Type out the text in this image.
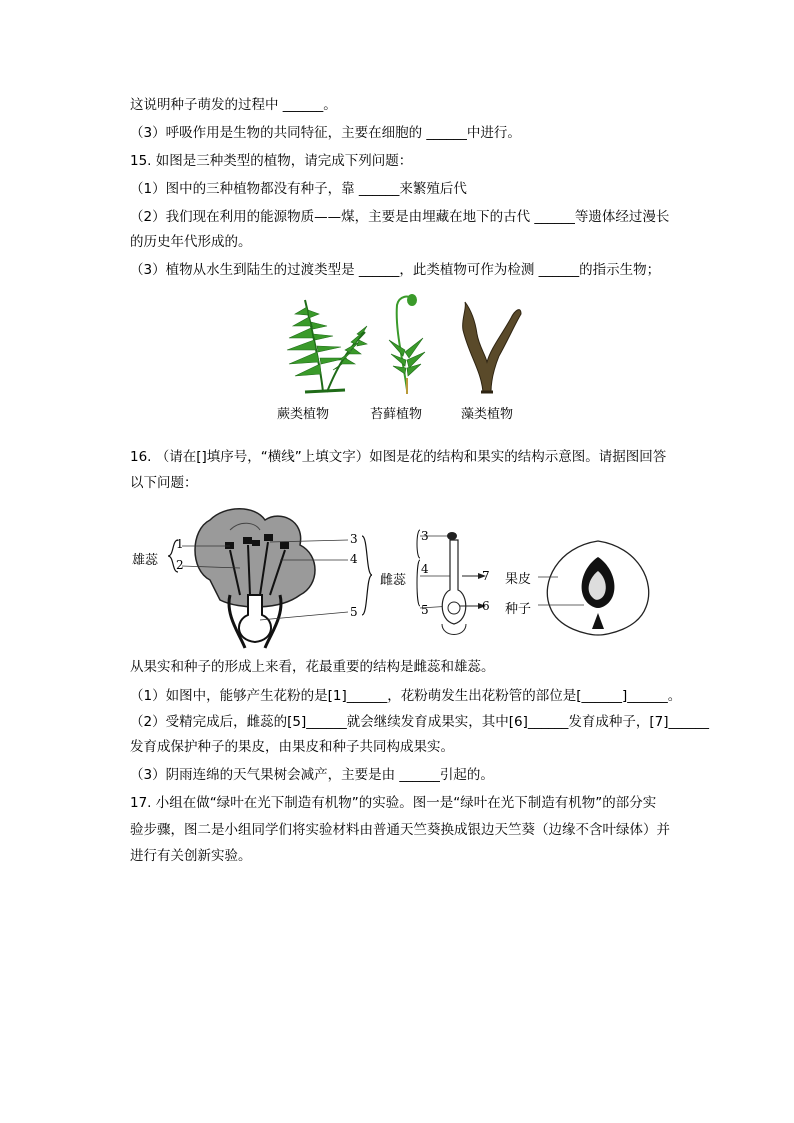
这说明种子萌发的过程中 ______。
（3）呼吸作用是生物的共同特征，主要在细胞的 ______中进行。
15. 如图是三种类型的植物，请完成下列问题：
（1）图中的三种植物都没有种子，靠 ______来繁殖后代
（2）我们现在利用的能源物质——煤，主要是由埋藏在地下的古代 ______等遗体经过漫长
的历史年代形成的。
（3）植物从水生到陆生的过渡类型是 ______，此类植物可作为检测 ______的指示生物；
蕨类植物	苔藓植物	藻类植物
16. （请在[]填序号，“横线”上填文字）如图是花的结构和果实的结构示意图。请据图回答
以下问题：
雄蕊
1
2
3
4
5
雌蕊
3
4
5
7
6
果皮
种子
从果实和种子的形成上来看，花最重要的结构是雌蕊和雄蕊。
（1）如图中，能够产生花粉的是[1]______，花粉萌发生出花粉管的部位是[______]______。
（2）受精完成后，雌蕊的[5]______就会继续发育成果实，其中[6]______发育成种子，[7]______
发育成保护种子的果皮，由果皮和种子共同构成果实。
（3）阴雨连绵的天气果树会减产，主要是由 ______引起的。
17. 小组在做“绿叶在光下制造有机物”的实验。图一是“绿叶在光下制造有机物”的部分实
验步骤，图二是小组同学们将实验材料由普通天竺葵换成银边天竺葵（边缘不含叶绿体）并
进行有关创新实验。
